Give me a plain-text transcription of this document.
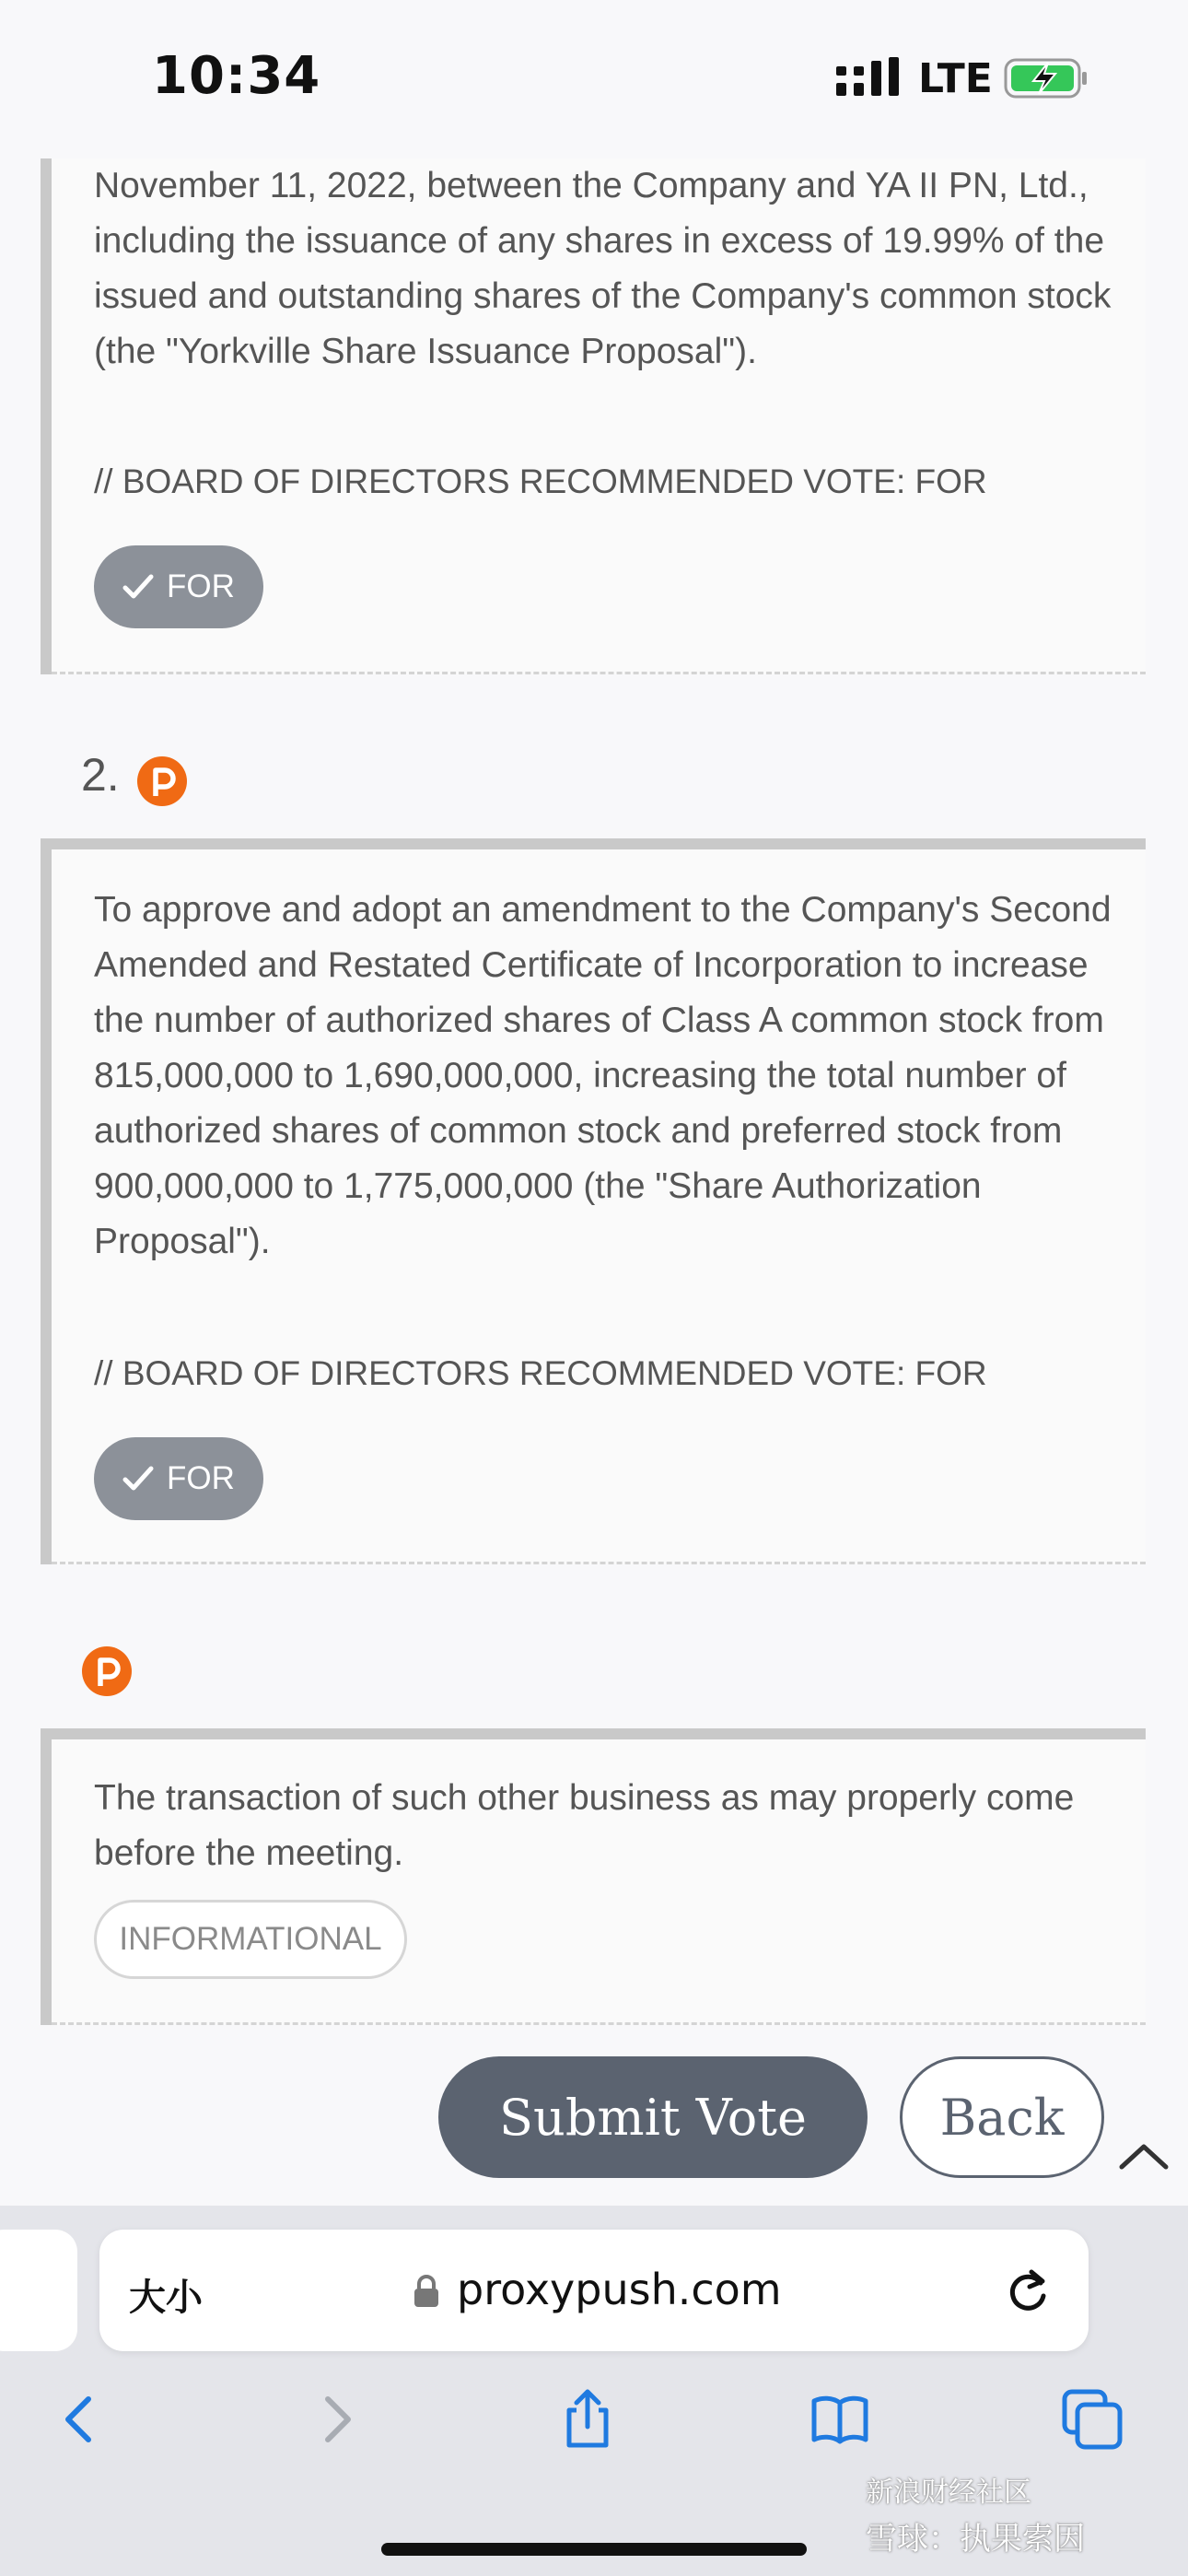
10:34	LTE
November 11, 2022, between the Company and YA II PN, Ltd., including the issuance of any shares in excess of 19.99% of the issued and outstanding shares of the Company's common stock (the "Yorkville Share Issuance Proposal").
// BOARD OF DIRECTORS RECOMMENDED VOTE: FOR
FOR
2.
To approve and adopt an amendment to the Company's Second Amended and Restated Certificate of Incorporation to increase the number of authorized shares of Class A common stock from 815,000,000 to 1,690,000,000, increasing the total number of authorized shares of common stock and preferred stock from 900,000,000 to 1,775,000,000 (the "Share Authorization Proposal").
// BOARD OF DIRECTORS RECOMMENDED VOTE: FOR
FOR
The transaction of such other business as may properly come before the meeting.
INFORMATIONAL
Submit Vote	Back
大小	proxypush.com
新浪财经社区
雪球：执果索因
